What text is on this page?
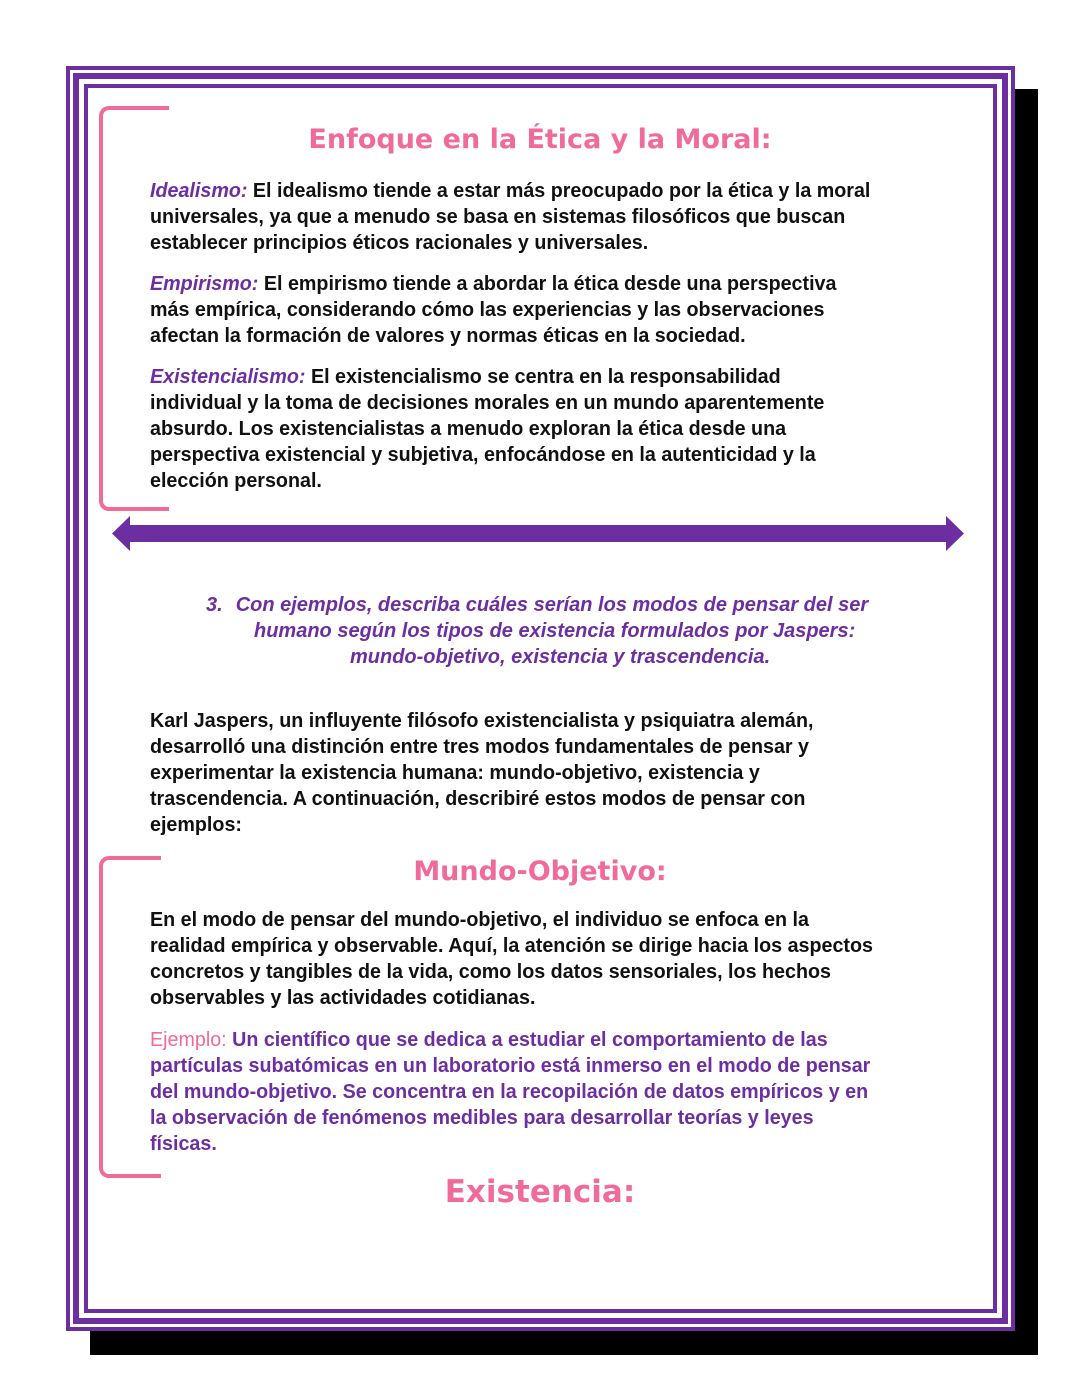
Enfoque en la Ética y la Moral:
Idealismo: El idealismo tiende a estar más preocupado por la ética y la moral
universales, ya que a menudo se basa en sistemas filosóficos que buscan
establecer principios éticos racionales y universales.
Empirismo: El empirismo tiende a abordar la ética desde una perspectiva
más empírica, considerando cómo las experiencias y las observaciones
afectan la formación de valores y normas éticas en la sociedad.
Existencialismo: El existencialismo se centra en la responsabilidad
individual y la toma de decisiones morales en un mundo aparentemente
absurdo. Los existencialistas a menudo exploran la ética desde una
perspectiva existencial y subjetiva, enfocándose en la autenticidad y la
elección personal.
3. Con ejemplos, describa cuáles serían los modos de pensar del ser
humano según los tipos de existencia formulados por Jaspers:
mundo-objetivo, existencia y trascendencia.
Karl Jaspers, un influyente filósofo existencialista y psiquiatra alemán,
desarrolló una distinción entre tres modos fundamentales de pensar y
experimentar la existencia humana: mundo-objetivo, existencia y
trascendencia. A continuación, describiré estos modos de pensar con
ejemplos:
Mundo-Objetivo:
En el modo de pensar del mundo-objetivo, el individuo se enfoca en la
realidad empírica y observable. Aquí, la atención se dirige hacia los aspectos
concretos y tangibles de la vida, como los datos sensoriales, los hechos
observables y las actividades cotidianas.
Ejemplo: Un científico que se dedica a estudiar el comportamiento de las
partículas subatómicas en un laboratorio está inmerso en el modo de pensar
del mundo-objetivo. Se concentra en la recopilación de datos empíricos y en
la observación de fenómenos medibles para desarrollar teorías y leyes
físicas.
Existencia:
